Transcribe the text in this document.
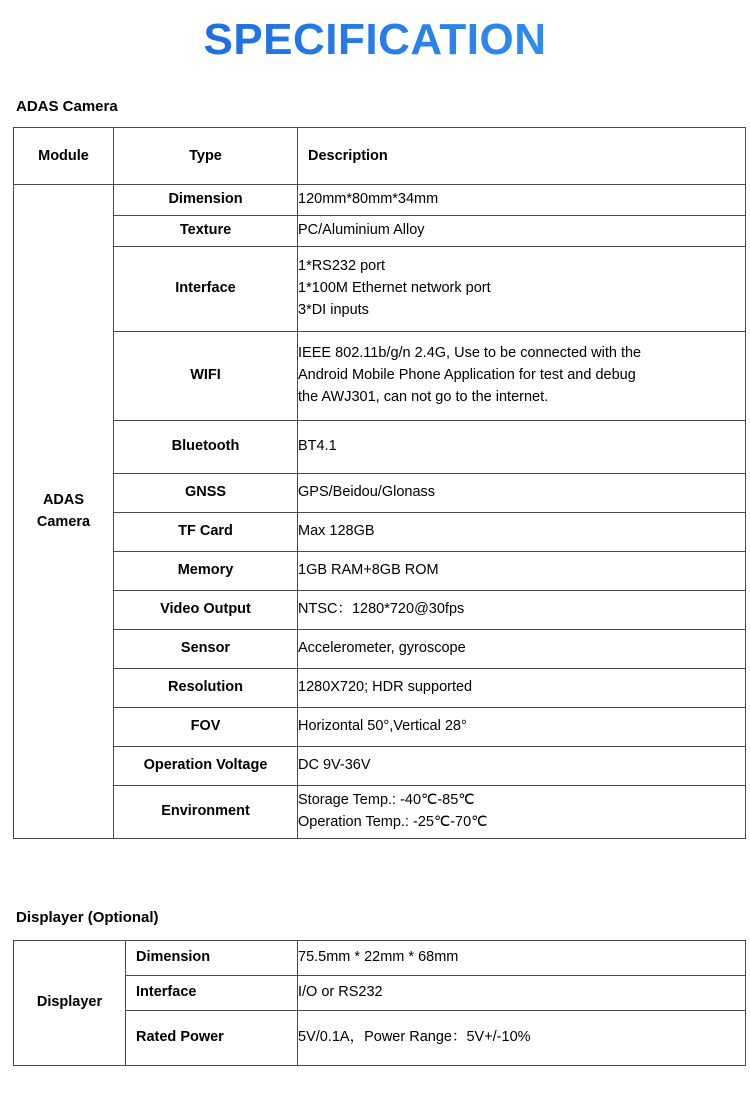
SPECIFICATION
ADAS Camera
Module	Type	Description
ADAS
Camera	Dimension	120mm*80mm*34mm

	Texture	PC/Aluminium Alloy

	Interface	1*RS232 port
1*100M Ethernet network port
3*DI inputs

	WIFI	IEEE 802.11b/g/n 2.4G, Use to be connected with the
Android Mobile Phone Application for test and debug
the AWJ301, can not go to the internet.

	Bluetooth	BT4.1

	GNSS	GPS/Beidou/Glonass

	TF Card	Max 128GB

	Memory	1GB RAM+8GB ROM

	Video Output	NTSC：1280*720@30fps

	Sensor	Accelerometer, gyroscope

	Resolution	1280X720; HDR supported

	FOV	Horizontal 50°,Vertical 28°

	Operation Voltage	DC 9V-36V

	Environment	Storage Temp.: -40℃-85℃
Operation Temp.: -25℃-70℃
Displayer (Optional)
Displayer	Dimension	75.5mm * 22mm * 68mm

	Interface	I/O or RS232

	Rated Power	5V/0.1A，Power Range：5V+/-10%
